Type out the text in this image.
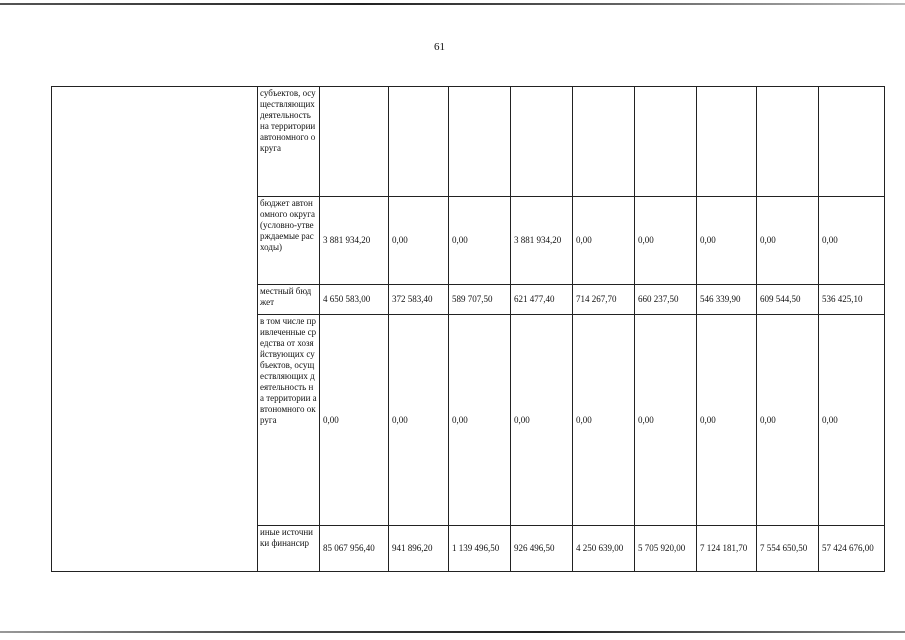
61
	субъектов, осуществляющих деятельность на территории автономного округа									
	бюджет автономного округа (условно-утверждаемые расходы)	3 881 934,20	0,00	0,00	3 881 934,20	0,00	0,00	0,00	0,00	0,00
	местный бюджет	4 650 583,00	372 583,40	589 707,50	621 477,40	714 267,70	660 237,50	546 339,90	609 544,50	536 425,10
	в том числе привлеченные средства от хозяйствующих субъектов, осуществляющих деятельность на территории автономного округа	0,00	0,00	0,00	0,00	0,00	0,00	0,00	0,00	0,00
	иные источники финансир	85 067 956,40	941 896,20	1 139 496,50	926 496,50	4 250 639,00	5 705 920,00	7 124 181,70	7 554 650,50	57 424 676,00
